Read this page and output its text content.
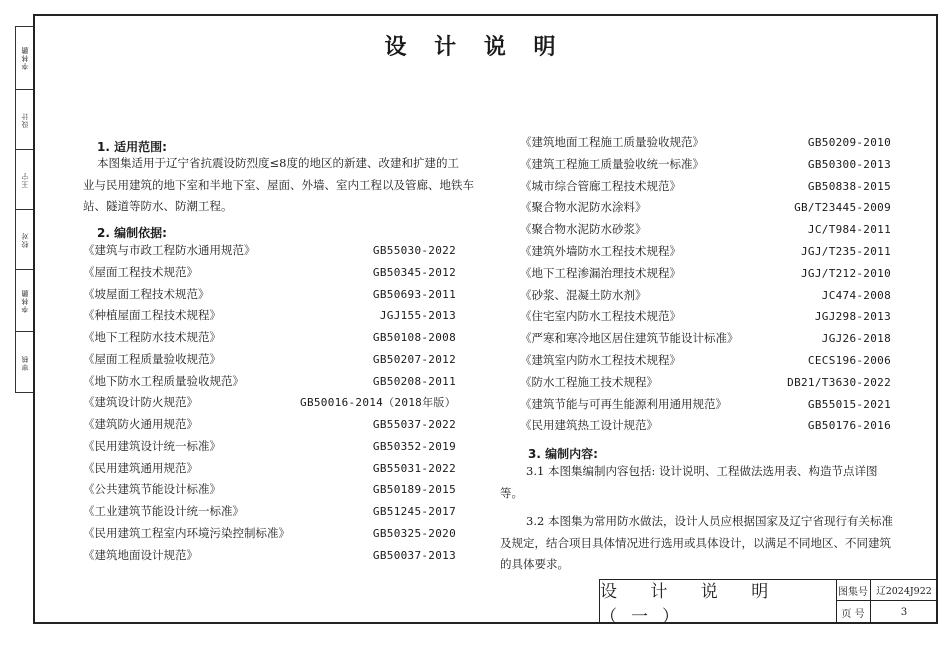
李林鹏
设计
王宁
校对
李林鹏
审核
设 计 说 明
1. 适用范围:
本图集适用于辽宁省抗震设防烈度≤8度的地区的新建、改建和扩建的工
业与民用建筑的地下室和半地下室、屋面、外墙、室内工程以及管廊、地铁车
站、隧道等防水、防潮工程。
2. 编制依据:
《建筑与市政工程防水通用规范》	GB55030-2022
《屋面工程技术规范》	GB50345-2012
《坡屋面工程技术规范》	GB50693-2011
《种植屋面工程技术规程》	JGJ155-2013
《地下工程防水技术规范》	GB50108-2008
《屋面工程质量验收规范》	GB50207-2012
《地下防水工程质量验收规范》	GB50208-2011
《建筑设计防火规范》	GB50016-2014（2018年版）
《建筑防火通用规范》	GB55037-2022
《民用建筑设计统一标准》	GB50352-2019
《民用建筑通用规范》	GB55031-2022
《公共建筑节能设计标准》	GB50189-2015
《工业建筑节能设计统一标准》	GB51245-2017
《民用建筑工程室内环境污染控制标准》	GB50325-2020
《建筑地面设计规范》	GB50037-2013
《建筑地面工程施工质量验收规范》	GB50209-2010
《建筑工程施工质量验收统一标准》	GB50300-2013
《城市综合管廊工程技术规范》	GB50838-2015
《聚合物水泥防水涂料》	GB/T23445-2009
《聚合物水泥防水砂浆》	JC/T984-2011
《建筑外墙防水工程技术规程》	JGJ/T235-2011
《地下工程渗漏治理技术规程》	JGJ/T212-2010
《砂浆、混凝土防水剂》	JC474-2008
《住宅室内防水工程技术规范》	JGJ298-2013
《严寒和寒冷地区居住建筑节能设计标准》	JGJ26-2018
《建筑室内防水工程技术规程》	CECS196-2006
《防水工程施工技术规程》	DB21/T3630-2022
《建筑节能与可再生能源利用通用规范》	GB55015-2021
《民用建筑热工设计规范》	GB50176-2016
3. 编制内容:
3.1 本图集编制内容包括: 设计说明、工程做法选用表、构造节点详图
等。
3.2 本图集为常用防水做法，设计人员应根据国家及辽宁省现行有关标准
及规定，结合项目具体情况进行选用或具体设计，以满足不同地区、不同建筑
的具体要求。
设 计 说 明（一）
图集号 辽2024J922
页 号	3
